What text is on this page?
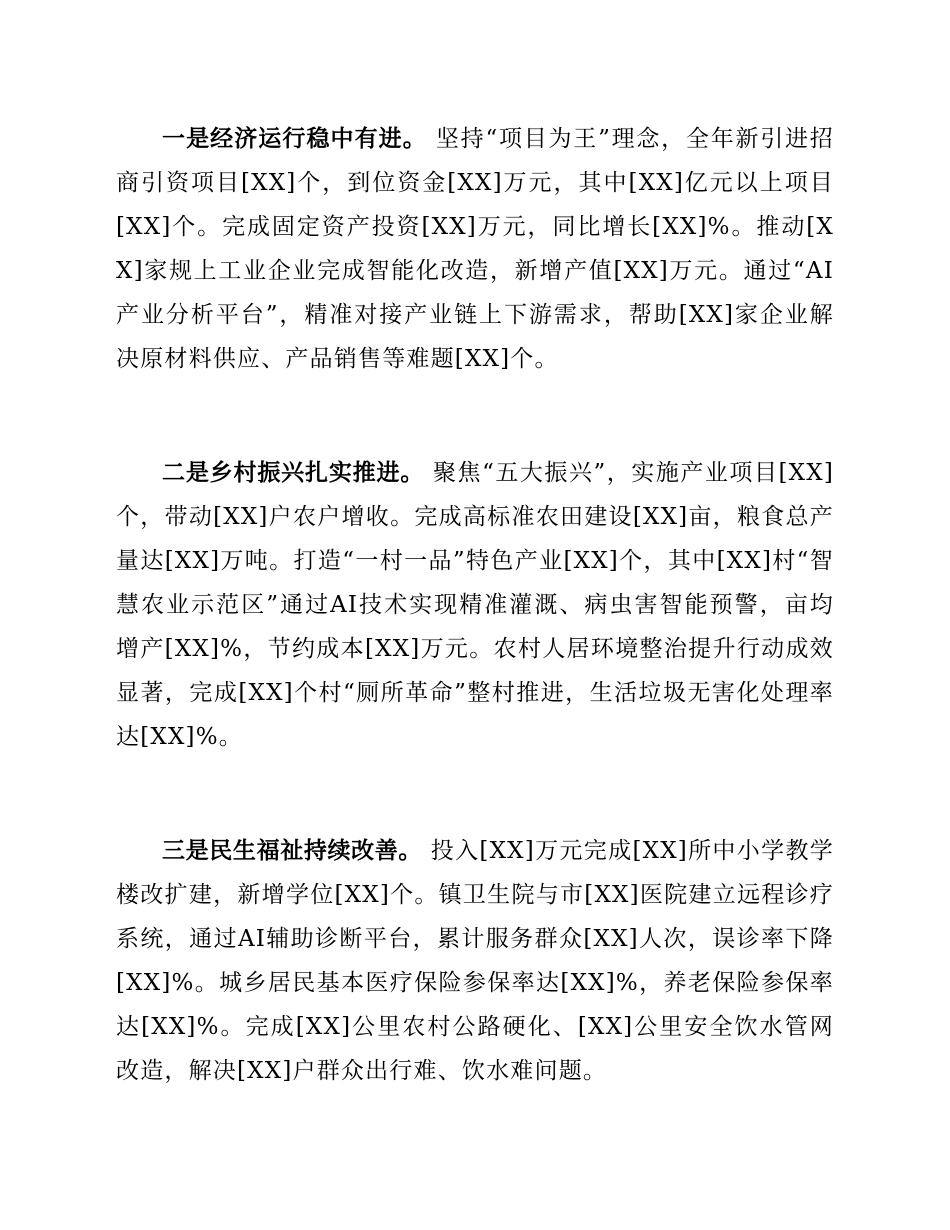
一是经济运行稳中有进。 坚持“项目为王”理念，全年新引进招商引资项目[XX]个，到位资金[XX]万元，其中[XX]亿元以上项目[XX]个。完成固定资产投资[XX]万元，同比增长[XX]%。推动[XX]家规上工业企业完成智能化改造，新增产值[XX]万元。通过“AI产业分析平台”，精准对接产业链上下游需求，帮助[XX]家企业解决原材料供应、产品销售等难题[XX]个。

二是乡村振兴扎实推进。 聚焦“五大振兴”，实施产业项目[XX]个，带动[XX]户农户增收。完成高标准农田建设[XX]亩，粮食总产量达[XX]万吨。打造“一村一品”特色产业[XX]个，其中[XX]村“智慧农业示范区”通过AI技术实现精准灌溉、病虫害智能预警，亩均增产[XX]%，节约成本[XX]万元。农村人居环境整治提升行动成效显著，完成[XX]个村“厕所革命”整村推进，生活垃圾无害化处理率达[XX]%。

三是民生福祉持续改善。 投入[XX]万元完成[XX]所中小学教学楼改扩建，新增学位[XX]个。镇卫生院与市[XX]医院建立远程诊疗系统，通过AI辅助诊断平台，累计服务群众[XX]人次，误诊率下降[XX]%。城乡居民基本医疗保险参保率达[XX]%，养老保险参保率达[XX]%。完成[XX]公里农村公路硬化、[XX]公里安全饮水管网改造，解决[XX]户群众出行难、饮水难问题。
